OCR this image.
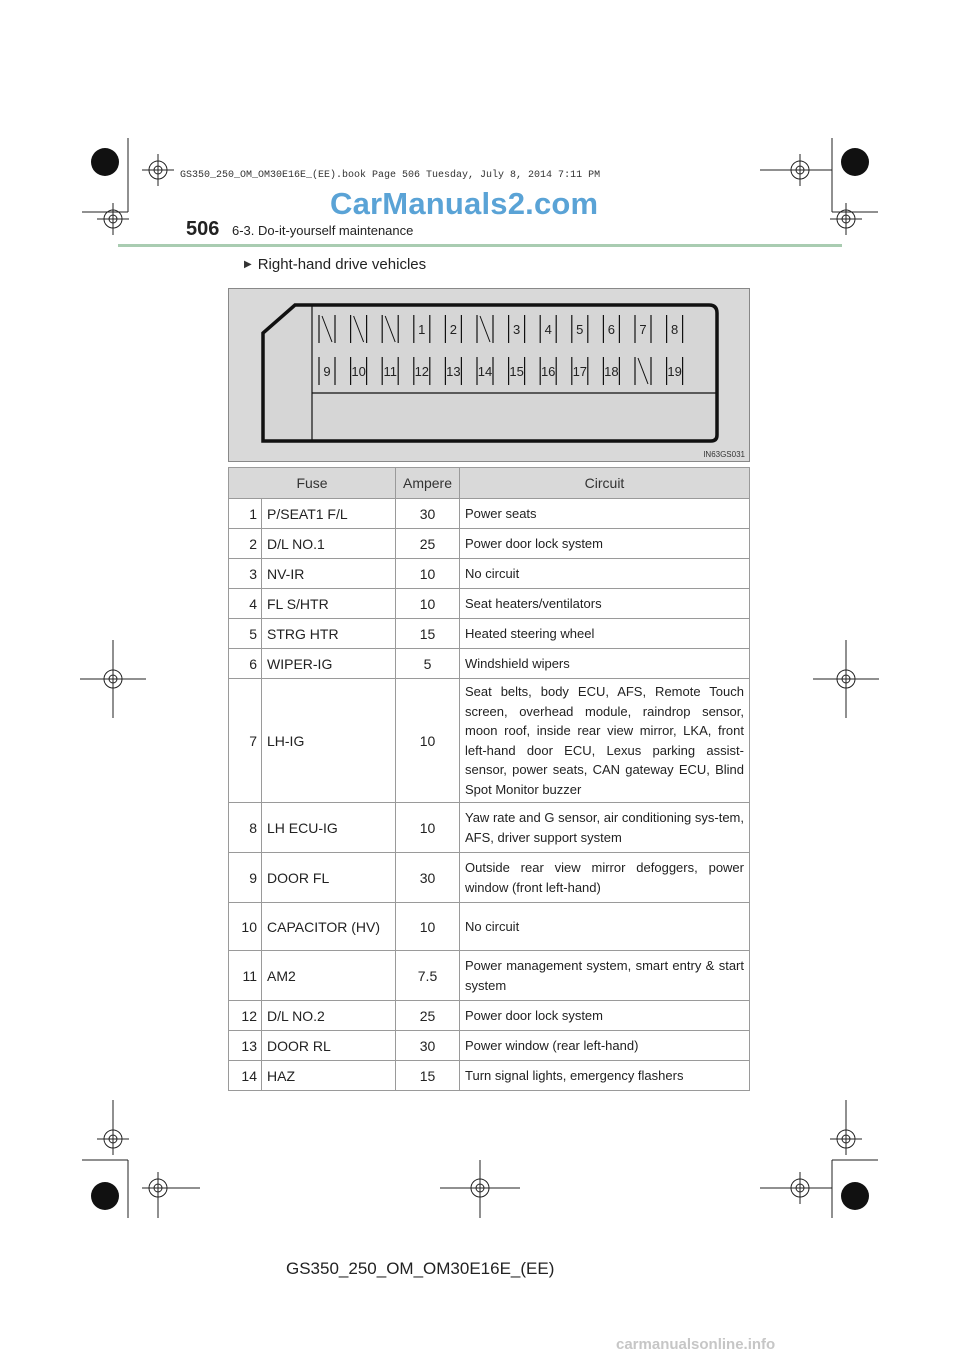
GS350_250_OM_OM30E16E_(EE).book Page 506 Tuesday, July 8, 2014 7:11 PM
CarManuals2.com
506 6-3. Do-it-yourself maintenance
▶ Right-hand drive vehicles
1 2	3 4 5 6 7 8
9 10 11 12 13 14 15 16 17 18	19
IN63GS031
Fuse		Ampere	Circuit
1	P/SEAT1 F/L	30	Power seats
2	D/L NO.1	25	Power door lock system
3	NV-IR	10	No circuit
4	FL S/HTR	10	Seat heaters/ventilators
5	STRG HTR	15	Heated steering wheel
6	WIPER-IG	5	Windshield wipers
7	LH-IG	10	Seat belts, body ECU, AFS, Remote Touch screen, overhead module, raindrop sensor, moon roof, inside rear view mirror, LKA, front left-hand door ECU, Lexus parking assist-sensor, power seats, CAN gateway ECU, Blind Spot Monitor buzzer
8	LH ECU-IG	10	Yaw rate and G sensor, air conditioning sys-tem, AFS, driver support system
9	DOOR FL	30	Outside rear view mirror defoggers, power window (front left-hand)
10	CAPACITOR (HV)	10	No circuit
11	AM2	7.5	Power management system, smart entry & start system
12	D/L NO.2	25	Power door lock system
13	DOOR RL	30	Power window (rear left-hand)
14	HAZ	15	Turn signal lights, emergency flashers
GS350_250_OM_OM30E16E_(EE)
carmanualsonline.info
